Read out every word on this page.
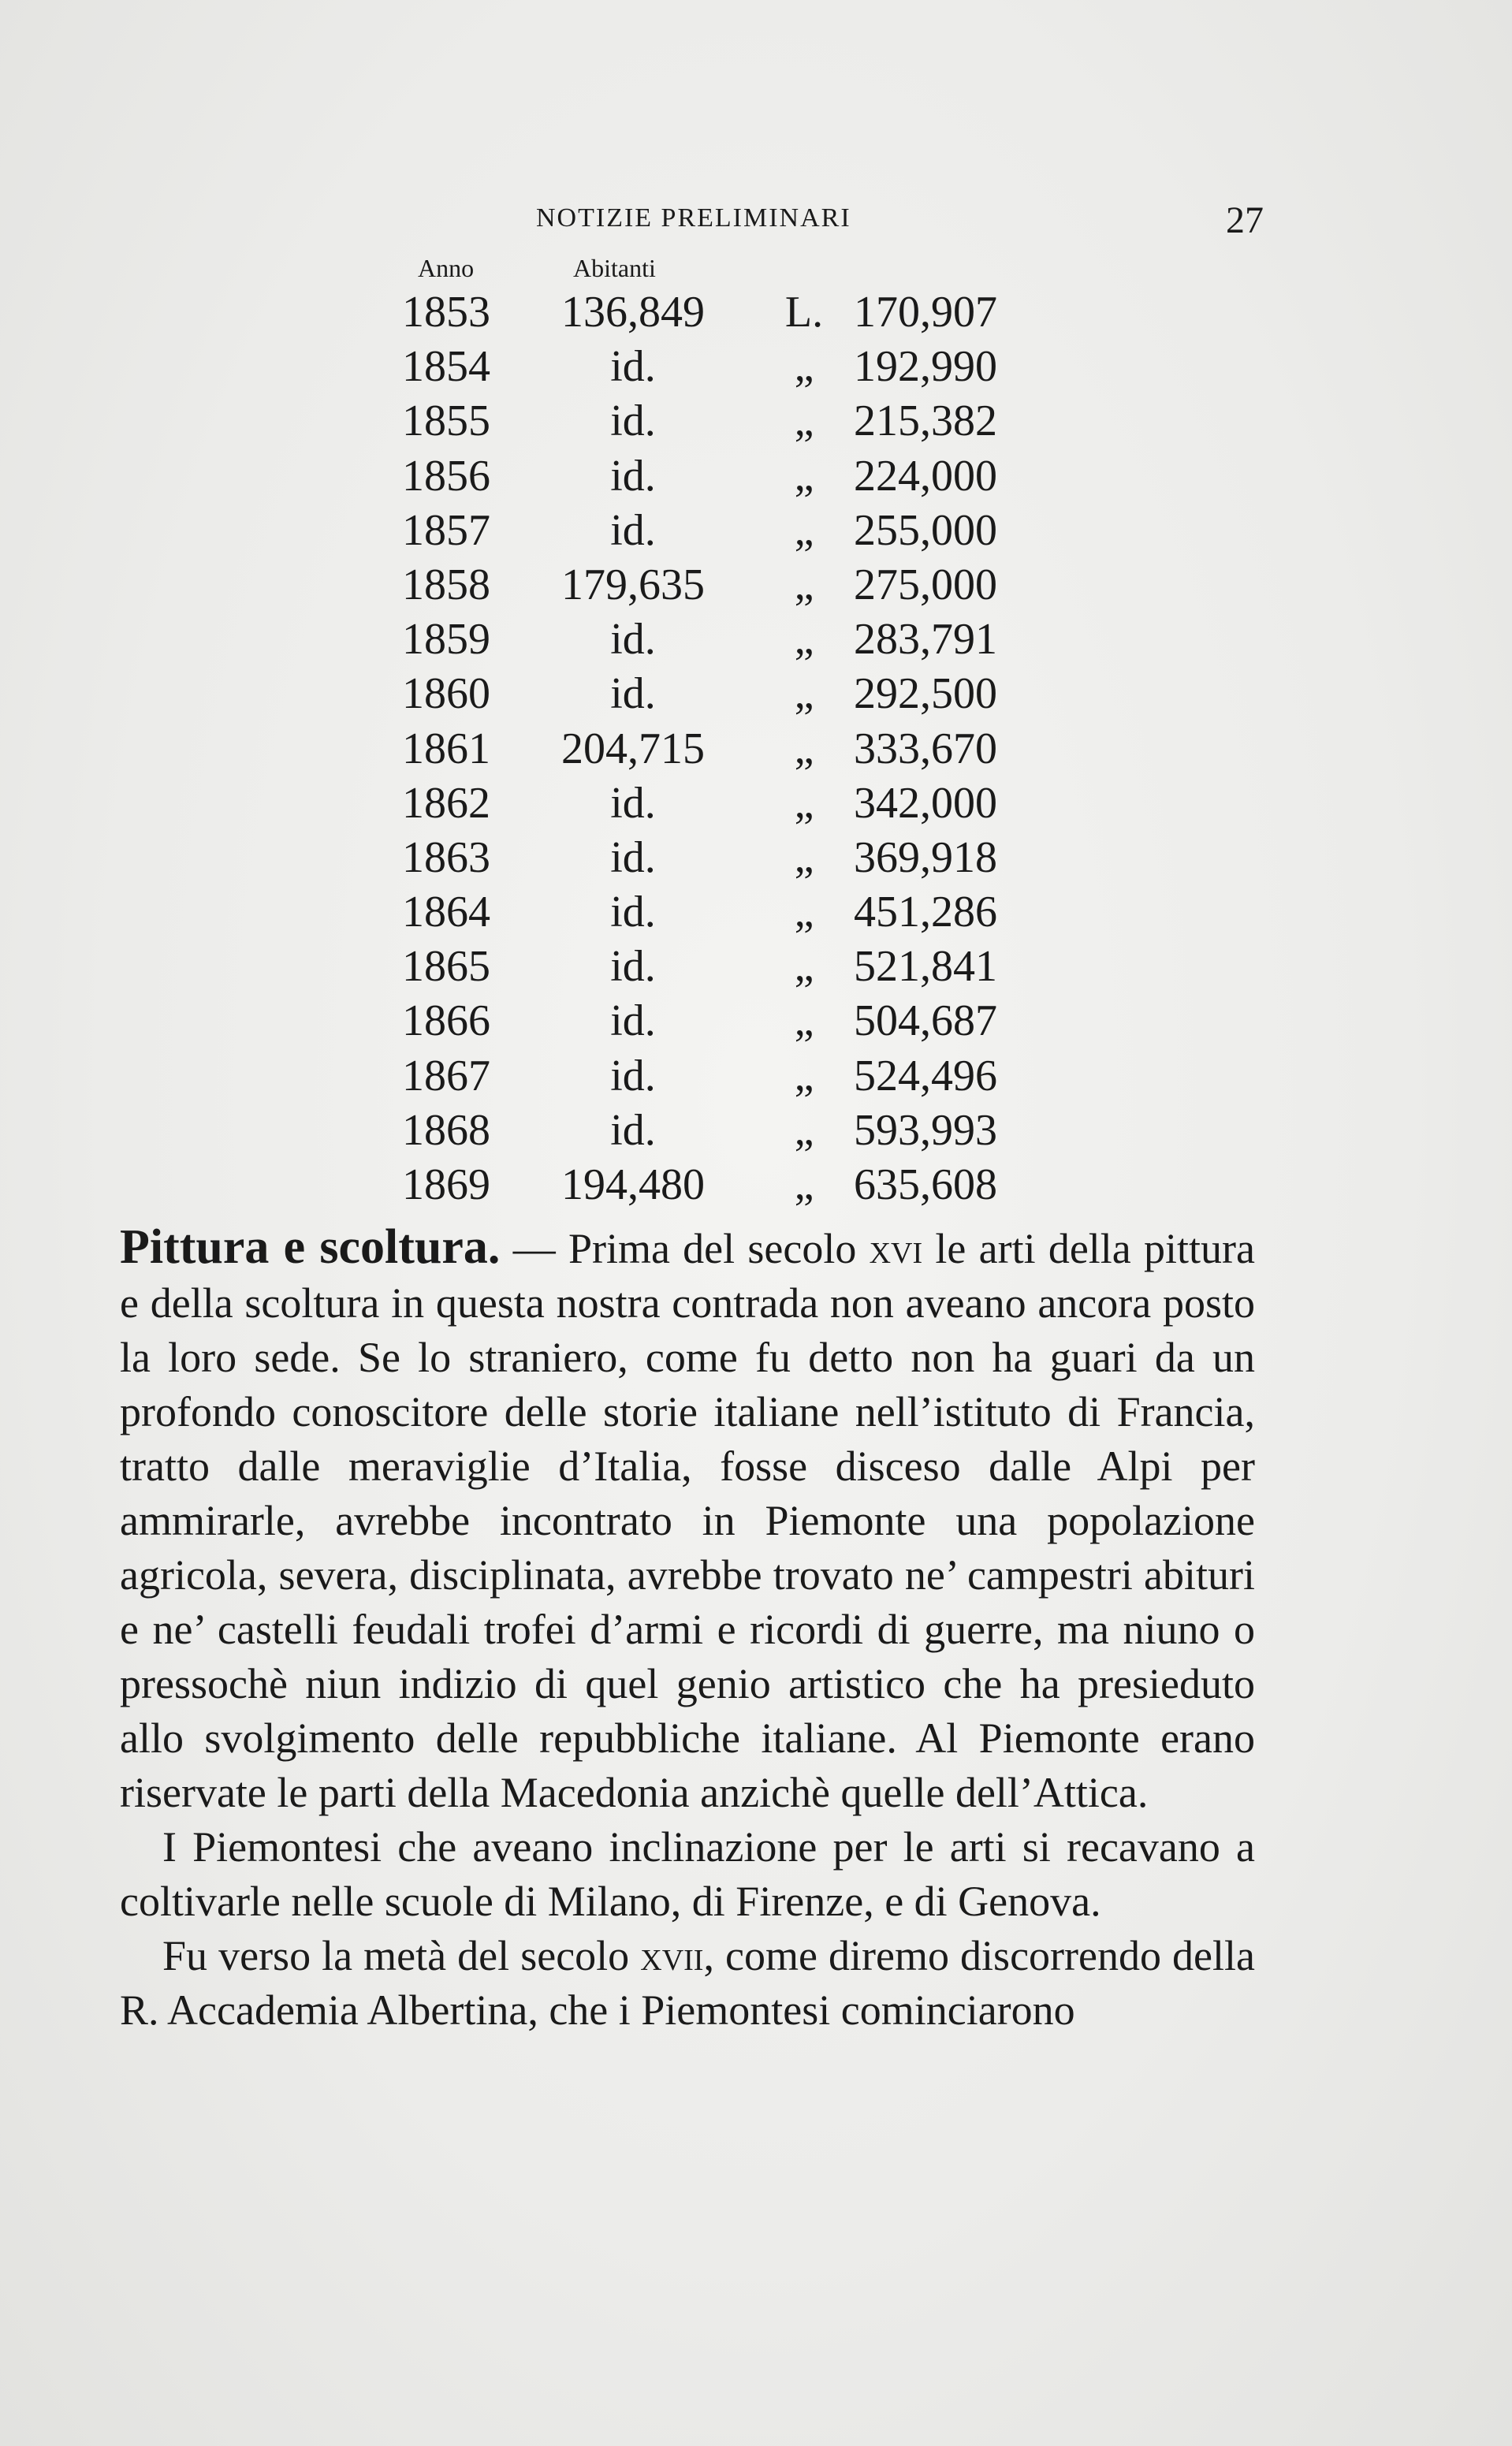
NOTIZIE PRELIMINARI	27
Anno	Abitanti
1853	136,849 L. 170,907
1854	id.	„ 192,990
1855	id.	„ 215,382
1856	id.	„ 224,000
1857	id.	„ 255,000
1858	179,635	„ 275,000
1859	id.	„ 283,791
1860	id.	„ 292,500
1861	204,715	„ 333,670
1862	id.	„ 342,000
1863	id.	„ 369,918
1864	id.	„ 451,286
1865	id.	„ 521,841
1866	id.	„ 504,687
1867	id.	„ 524,496
1868	id.	„ 593,993
1869	194,480	„ 635,608

Pittura e scoltura. — Prima del secolo xvi le arti della pittura e della scoltura in questa nostra contrada non aveano ancora posto la loro sede. Se lo straniero, come fu detto non ha guari da un profondo conoscitore delle storie italiane nell’istituto di Francia, tratto dalle meraviglie d’Italia, fosse disceso dalle Alpi per ammirarle, avrebbe incontrato in Piemonte una popolazione agricola, severa, disciplinata, avrebbe trovato ne’ campestri abituri e ne’ castelli feudali trofei d’armi e ricordi di guerre, ma niuno o pressochè niun indizio di quel genio artistico che ha presieduto allo svolgimento delle repubbliche italiane. Al Piemonte erano riservate le parti della Macedonia anzichè quelle dell’Attica.

I Piemontesi che aveano inclinazione per le arti si recavano a coltivarle nelle scuole di Milano, di Firenze, e di Genova.

Fu verso la metà del secolo xvii, come diremo discorrendo della R. Accademia Albertina, che i Piemontesi cominciarono
